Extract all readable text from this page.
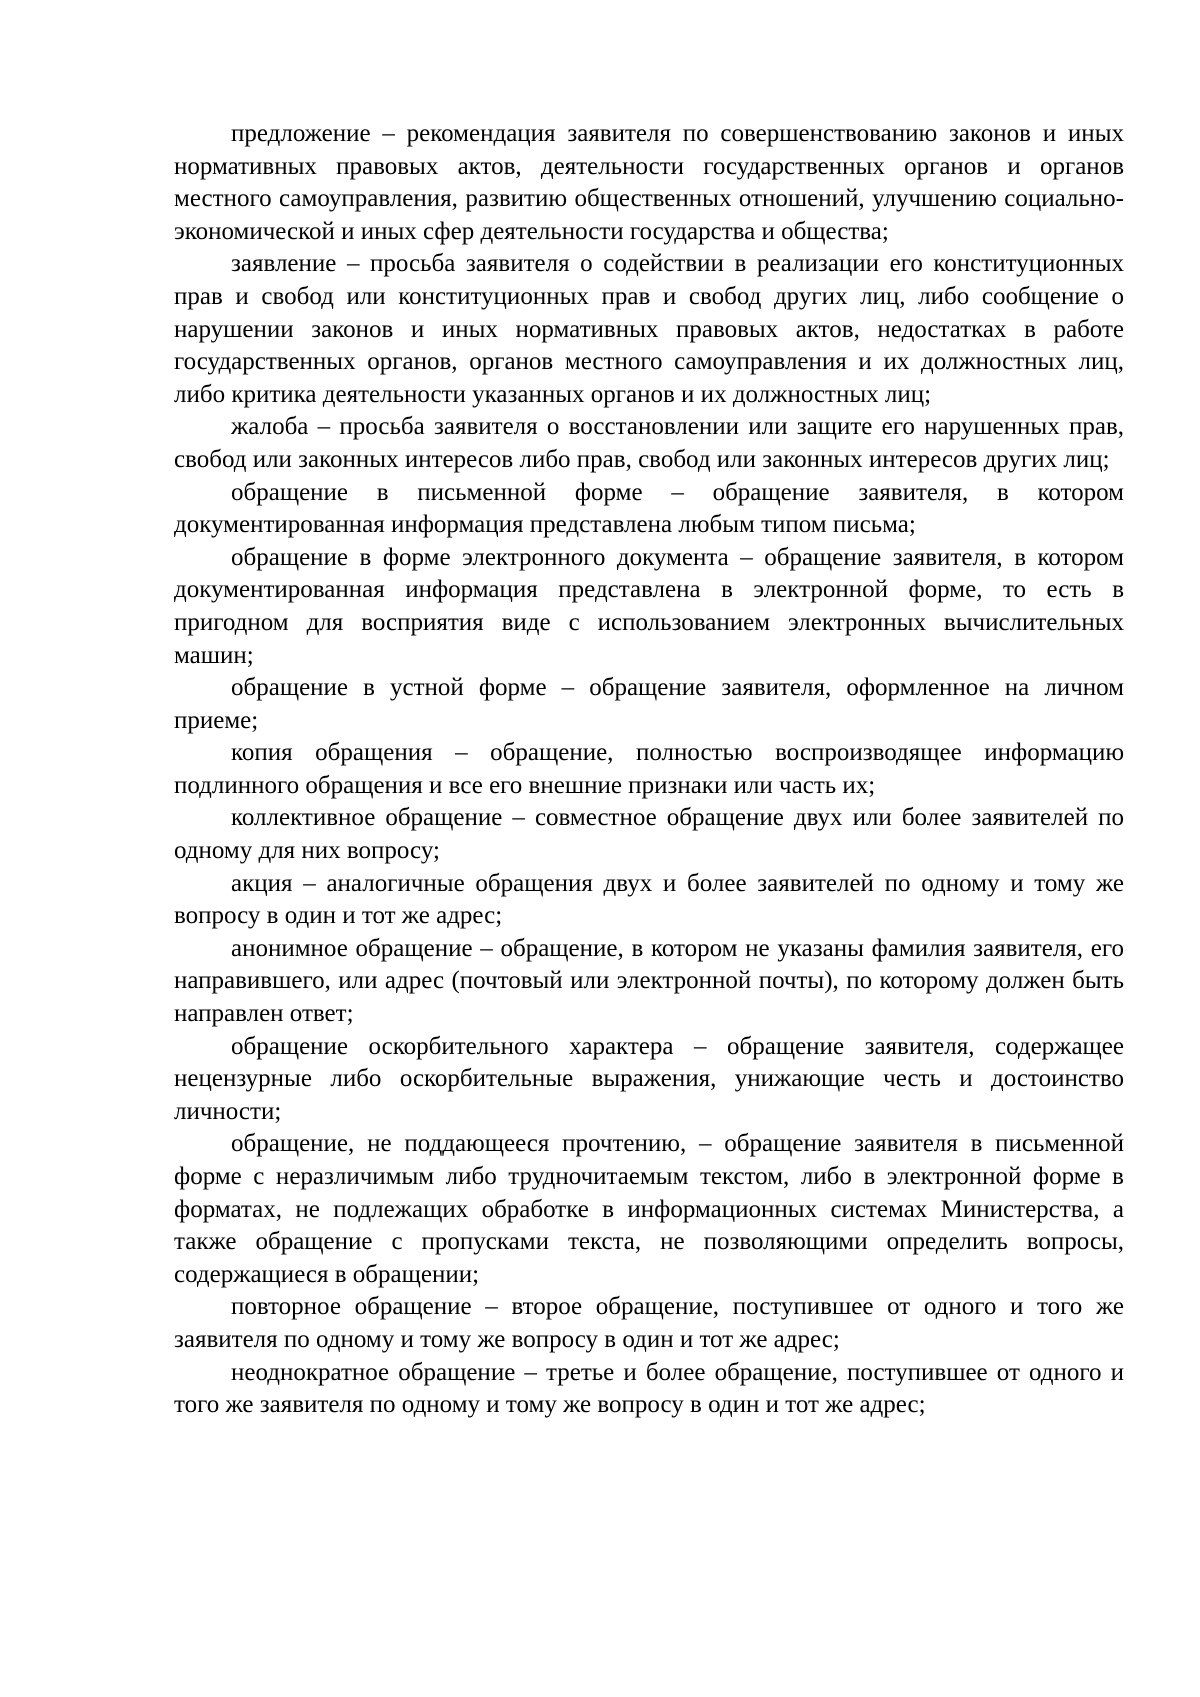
предложение – рекомендация заявителя по совершенствованию законов и иных нормативных правовых актов, деятельности государственных органов и органов местного самоуправления, развитию общественных отношений, улучшению социально-экономической и иных сфер деятельности государства и общества;

заявление – просьба заявителя о содействии в реализации его конституционных прав и свобод или конституционных прав и свобод других лиц, либо сообщение о нарушении законов и иных нормативных правовых актов, недостатках в работе государственных органов, органов местного самоуправления и их должностных лиц, либо критика деятельности указанных органов и их должностных лиц;

жалоба – просьба заявителя о восстановлении или защите его нарушенных прав, свобод или законных интересов либо прав, свобод или законных интересов других лиц;

обращение в письменной форме – обращение заявителя, в котором документированная информация представлена любым типом письма;

обращение в форме электронного документа – обращение заявителя, в котором документированная информация представлена в электронной форме, то есть в пригодном для восприятия виде с использованием электронных вычислительных машин;

обращение в устной форме – обращение заявителя, оформленное на личном приеме;

копия обращения – обращение, полностью воспроизводящее информацию подлинного обращения и все его внешние признаки или часть их;

коллективное обращение – совместное обращение двух или более заявителей по одному для них вопросу;

акция – аналогичные обращения двух и более заявителей по одному и тому же вопросу в один и тот же адрес;

анонимное обращение – обращение, в котором не указаны фамилия заявителя, его направившего, или адрес (почтовый или электронной почты), по которому должен быть направлен ответ;

обращение оскорбительного характера – обращение заявителя, содержащее нецензурные либо оскорбительные выражения, унижающие честь и достоинство личности;

обращение, не поддающееся прочтению, – обращение заявителя в письменной форме с неразличимым либо трудночитаемым текстом, либо в электронной форме в форматах, не подлежащих обработке в информационных системах Министерства, а также обращение с пропусками текста, не позволяющими определить вопросы, содержащиеся в обращении;

повторное обращение – второе обращение, поступившее от одного и того же заявителя по одному и тому же вопросу в один и тот же адрес;

неоднократное обращение – третье и более обращение, поступившее от одного и того же заявителя по одному и тому же вопросу в один и тот же адрес;
